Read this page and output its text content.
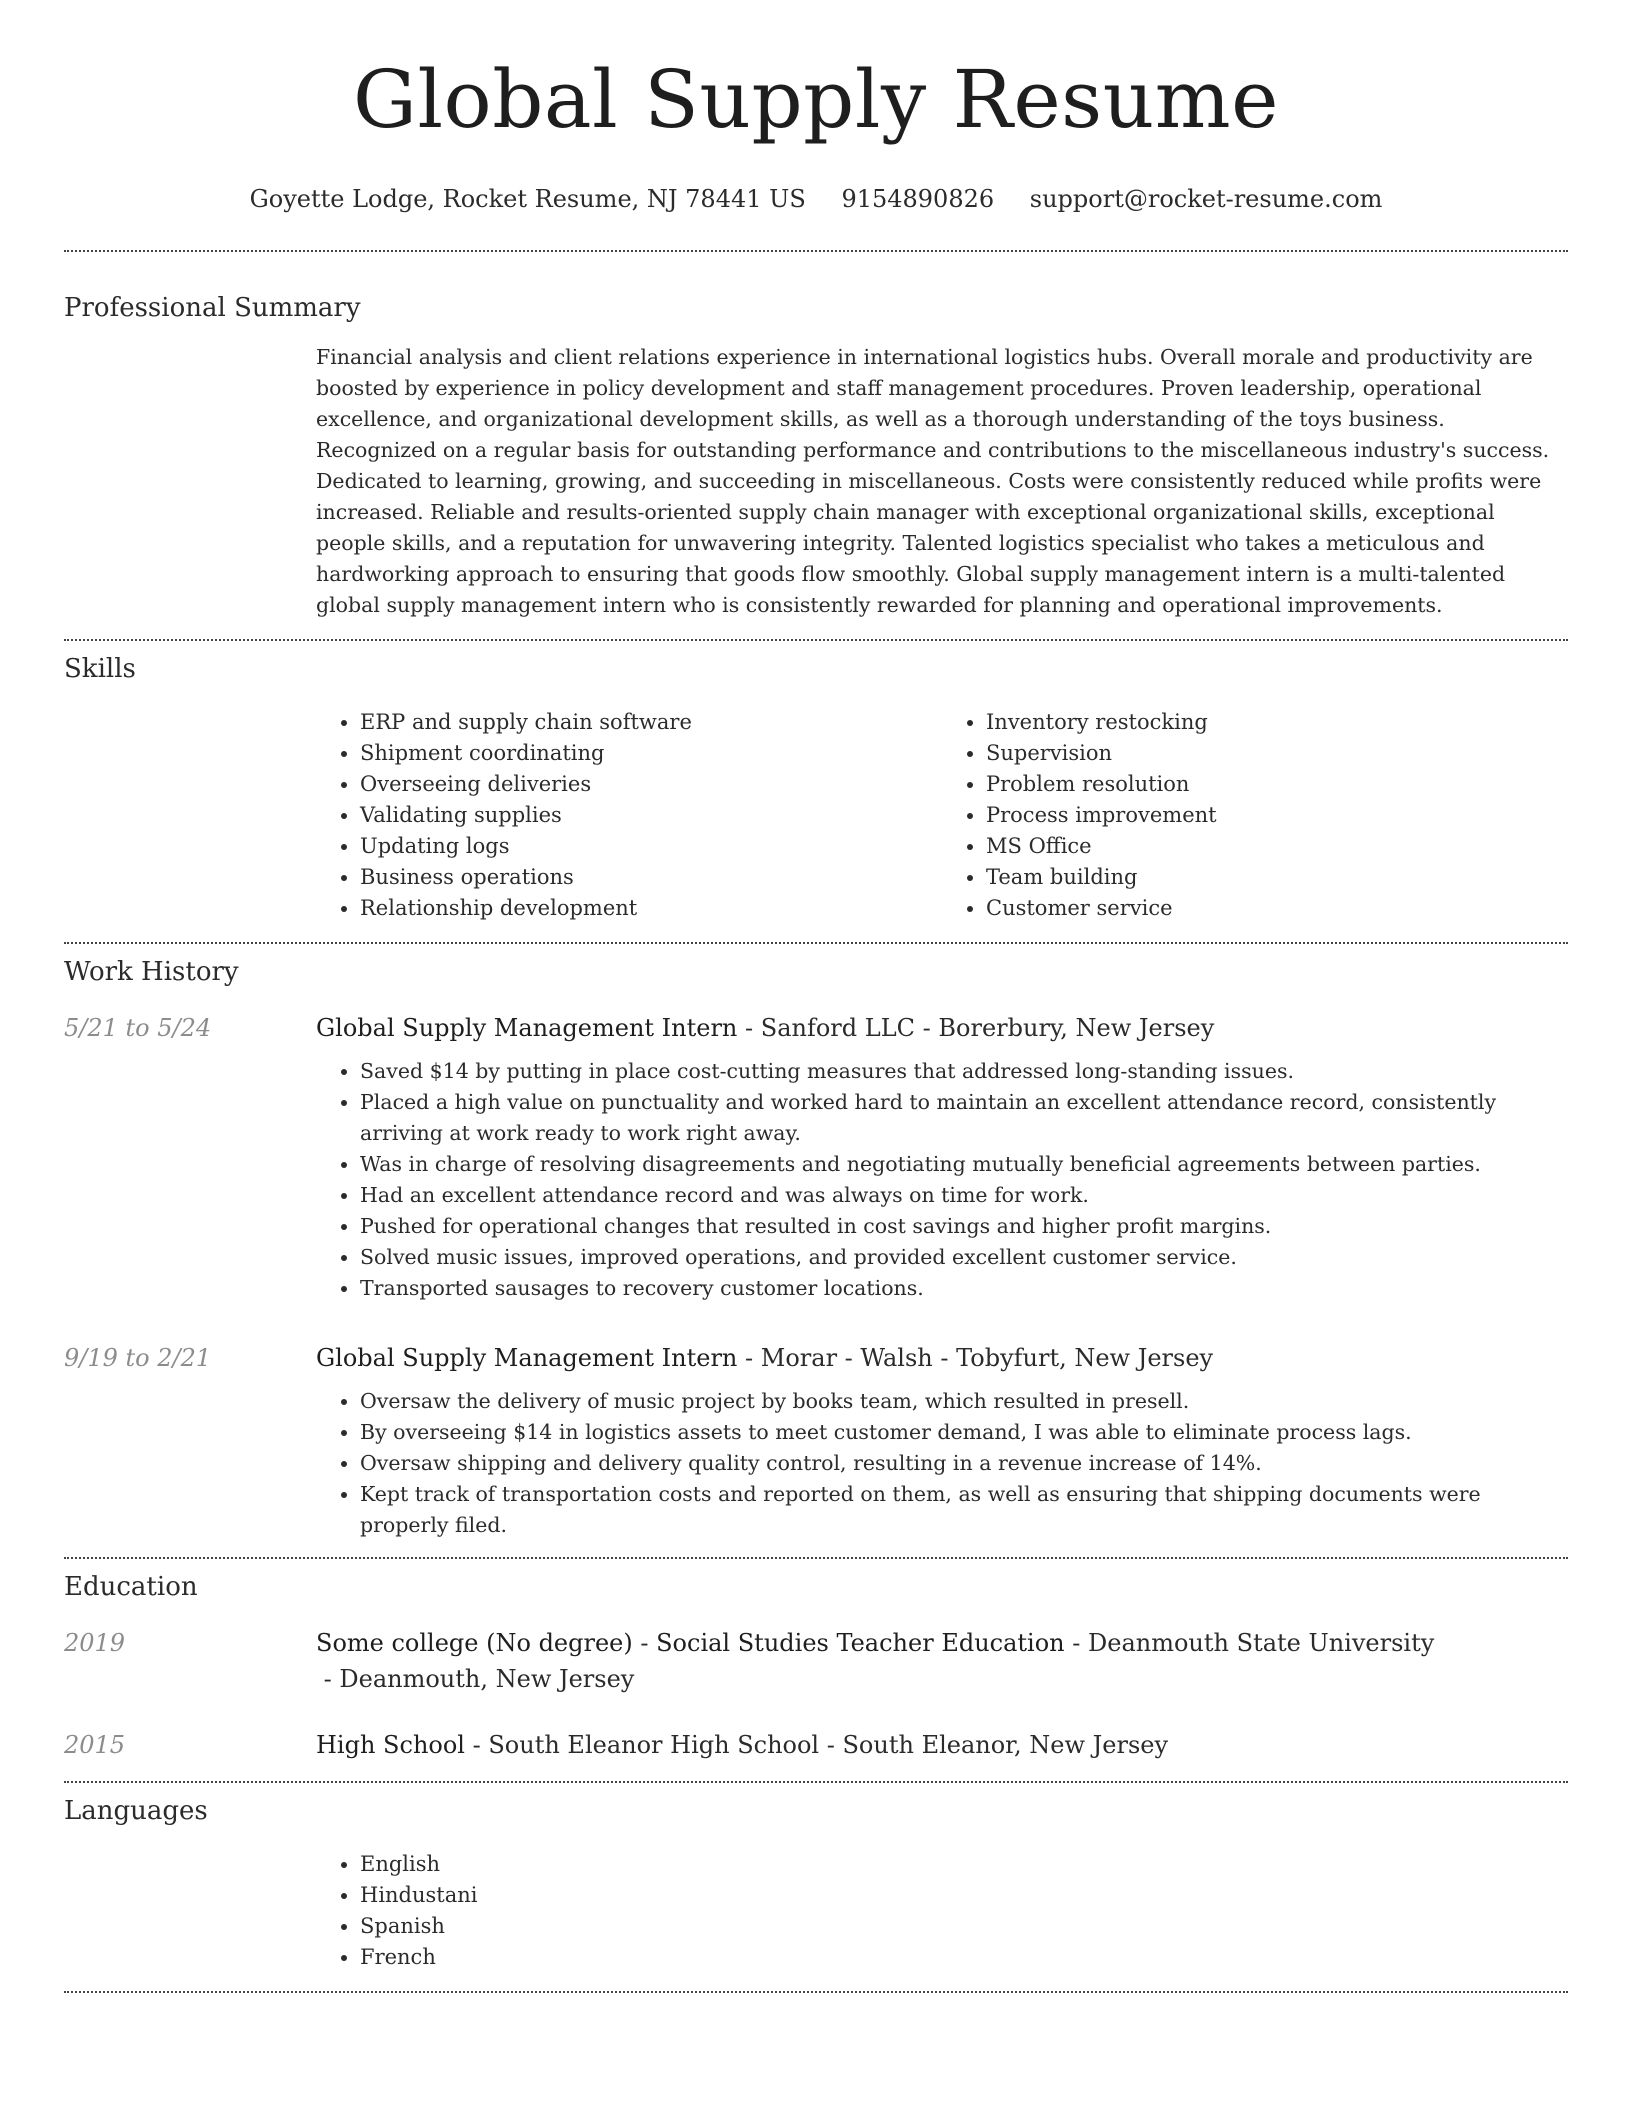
Global Supply Resume
Goyette Lodge, Rocket Resume, NJ 78441 US 9154890826 support@rocket-resume.com
Professional Summary

Financial analysis and client relations experience in international logistics hubs. Overall morale and productivity are boosted by experience in policy development and staff management procedures. Proven leadership, operational excellence, and organizational development skills, as well as a thorough understanding of the toys business. Recognized on a regular basis for outstanding performance and contributions to the miscellaneous industry's success. Dedicated to learning, growing, and succeeding in miscellaneous. Costs were consistently reduced while profits were increased. Reliable and results-oriented supply chain manager with exceptional organizational skills, exceptional people skills, and a reputation for unwavering integrity. Talented logistics specialist who takes a meticulous and hardworking approach to ensuring that goods flow smoothly. Global supply management intern is a multi-talented global supply management intern who is consistently rewarded for planning and operational improvements.

Skills
• ERP and supply chain software
• Shipment coordinating
• Overseeing deliveries
• Validating supplies
• Updating logs
• Business operations
• Relationship development
• Inventory restocking
• Supervision
• Problem resolution
• Process improvement
• MS Office
• Team building
• Customer service
Work History
5/21 to 5/24	Global Supply Management Intern - Sanford LLC - Borerbury, New Jersey
• Saved $14 by putting in place cost-cutting measures that addressed long-standing issues.
• Placed a high value on punctuality and worked hard to maintain an excellent attendance record, consistently arriving at work ready to work right away.
• Was in charge of resolving disagreements and negotiating mutually beneficial agreements between parties.
• Had an excellent attendance record and was always on time for work.
• Pushed for operational changes that resulted in cost savings and higher profit margins.
• Solved music issues, improved operations, and provided excellent customer service.
• Transported sausages to recovery customer locations.
9/19 to 2/21	Global Supply Management Intern - Morar - Walsh - Tobyfurt, New Jersey
• Oversaw the delivery of music project by books team, which resulted in presell.
• By overseeing $14 in logistics assets to meet customer demand, I was able to eliminate process lags.
• Oversaw shipping and delivery quality control, resulting in a revenue increase of 14%.
• Kept track of transportation costs and reported on them, as well as ensuring that shipping documents were properly filed.
Education
2019	Some college (No degree) - Social Studies Teacher Education - Deanmouth State University - Deanmouth, New Jersey
2015	High School - South Eleanor High School - South Eleanor, New Jersey
Languages
• English
• Hindustani
• Spanish
• French
